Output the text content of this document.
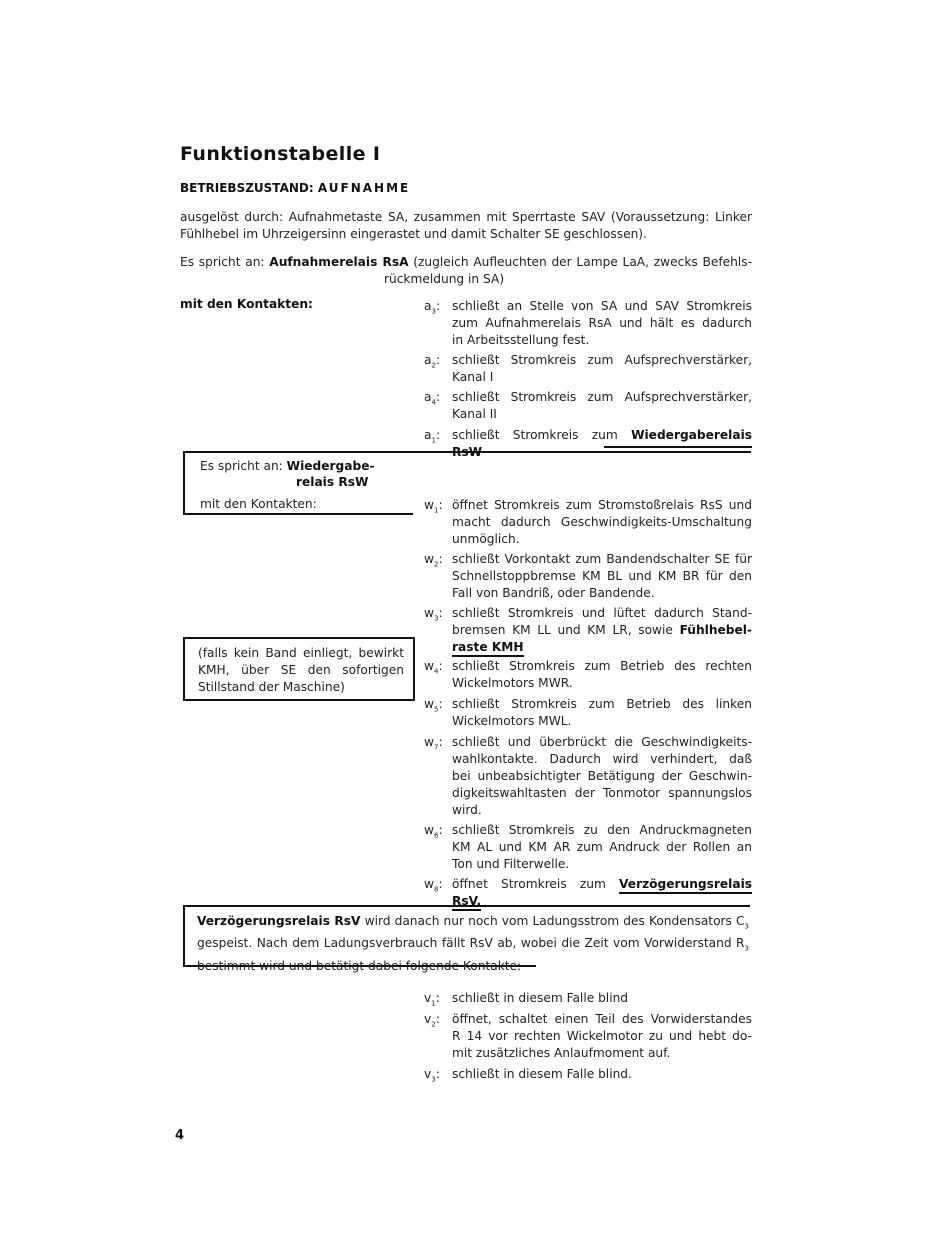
Funktionstabelle I
BETRIEBSZUSTAND: AUFNAHME
ausgelöst durch: Aufnahmetaste SA, zusammen mit Sperrtaste SAV (Voraussetzung: Linker
Fühlhebel im Uhrzeigersinn eingerastet und damit Schalter SE geschlossen).
Es spricht an: Aufnahmerelais RsA (zugleich Aufleuchten der Lampe LaA, zwecks Befehls-
rückmeldung in SA)
mit den Kontakten:	$a_3$: schließt an Stelle von SA und SAV Stromkreis
zum Aufnahmerelais RsA und hält es dadurch
in Arbeitsstellung fest.
$a_2$: schließt Stromkreis zum Aufsprechverstärker,
Kanal I
$a_4$: schließt Stromkreis zum Aufsprechverstärker,
Kanal II
$a_1$: schließt Stromkreis zum Wiedergaberelais RsW
Es spricht an: Wiedergabe-
relais RsW
mit den Kontakten:	$w_1$: öffnet Stromkreis zum Stromstoßrelais RsS und
macht dadurch Geschwindigkeits-Umschaltung
unmöglich.
$w_2$: schließt Vorkontakt zum Bandendschalter SE für
Schnellstoppbremse KM BL und KM BR für den
Fall von Bandriß, oder Bandende.
$w_3$: schließt Stromkreis und lüftet dadurch Stand-
bremsen KM LL und KM LR, sowie Fühlhebel-
raste KMH
(falls kein Band einliegt, bewirkt
KMH, über SE den sofortigen
Stillstand der Maschine)
$w_4$: schließt Stromkreis zum Betrieb des rechten
Wickelmotors MWR.
$w_5$: schließt Stromkreis zum Betrieb des linken
Wickelmotors MWL.
$w_7$: schließt und überbrückt die Geschwindigkeits-
wahlkontakte. Dadurch wird verhindert, daß
bei unbeabsichtigter Betätigung der Geschwin-
digkeitswahltasten der Tonmotor spannungslos
wird.
$w_6$: schließt Stromkreis zu den Andruckmagneten
KM AL und KM AR zum Andruck der Rollen an
Ton und Filterwelle.
$w_8$: öffnet Stromkreis zum Verzögerungsrelais RsV.
Verzögerungsrelais RsV wird danach nur noch vom Ladungsstrom des Kondensators $C_3$
gespeist. Nach dem Ladungsverbrauch fällt RsV ab, wobei die Zeit vom Vorwiderstand $R_3$
bestimmt wird und betätigt dabei folgende Kontakte:
$v_1$:	schließt in diesem Falle blind
$v_2$:	öffnet, schaltet einen Teil des Vorwiderstandes
R 14 vor rechten Wickelmotor zu und hebt do-
mit zusätzliches Anlaufmoment auf.
$v_3$:	schließt in diesem Falle blind.
4
